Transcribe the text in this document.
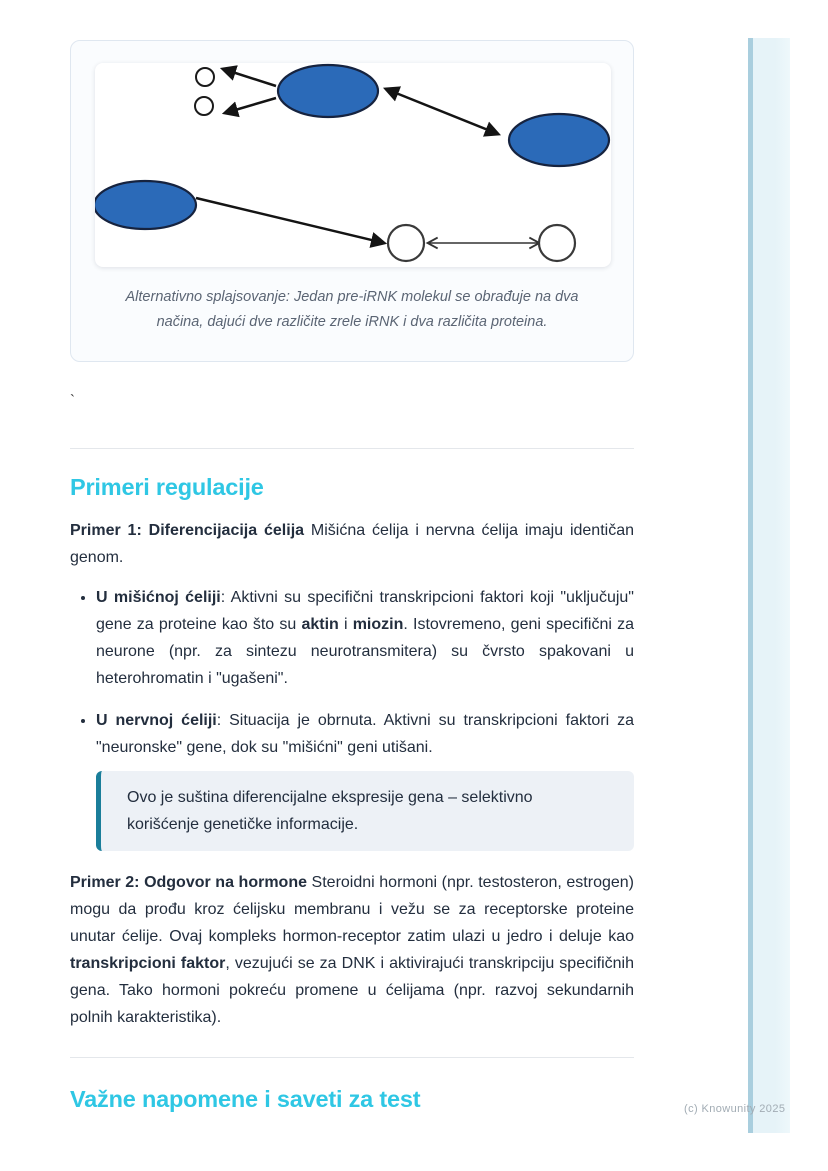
Alternativno splajsovanje: Jedan pre-iRNK molekul se obrađuje na dva načina, dajući dve različite zrele iRNK i dva različita proteina.
`
Primeri regulacije

Primer 1: Diferencijacija ćelija Mišićna ćelija i nervna ćelija imaju identičan genom.

• U mišićnoj ćeliji: Aktivni su specifični transkripcioni faktori koji "uključuju" gene za proteine kao što su aktin i miozin. Istovremeno, geni specifični za neurone (npr. za sintezu neurotransmitera) su čvrsto spakovani u heterohromatin i "ugašeni".
• U nervnoj ćeliji: Situacija je obrnuta. Aktivni su transkripcioni faktori za "neuronske" gene, dok su "mišićni" geni utišani.

Ovo je suština diferencijalne ekspresije gena – selektivno korišćenje genetičke informacije.

Primer 2: Odgovor na hormone Steroidni hormoni (npr. testosteron, estrogen) mogu da prođu kroz ćelijsku membranu i vežu se za receptorske proteine unutar ćelije. Ovaj kompleks hormon-receptor zatim ulazi u jedro i deluje kao transkripcioni faktor, vezujući se za DNK i aktivirajući transkripciju specifičnih gena. Tako hormoni pokreću promene u ćelijama (npr. razvoj sekundarnih polnih karakteristika).

Važne napomene i saveti za test	(c) Knowunity 2025
